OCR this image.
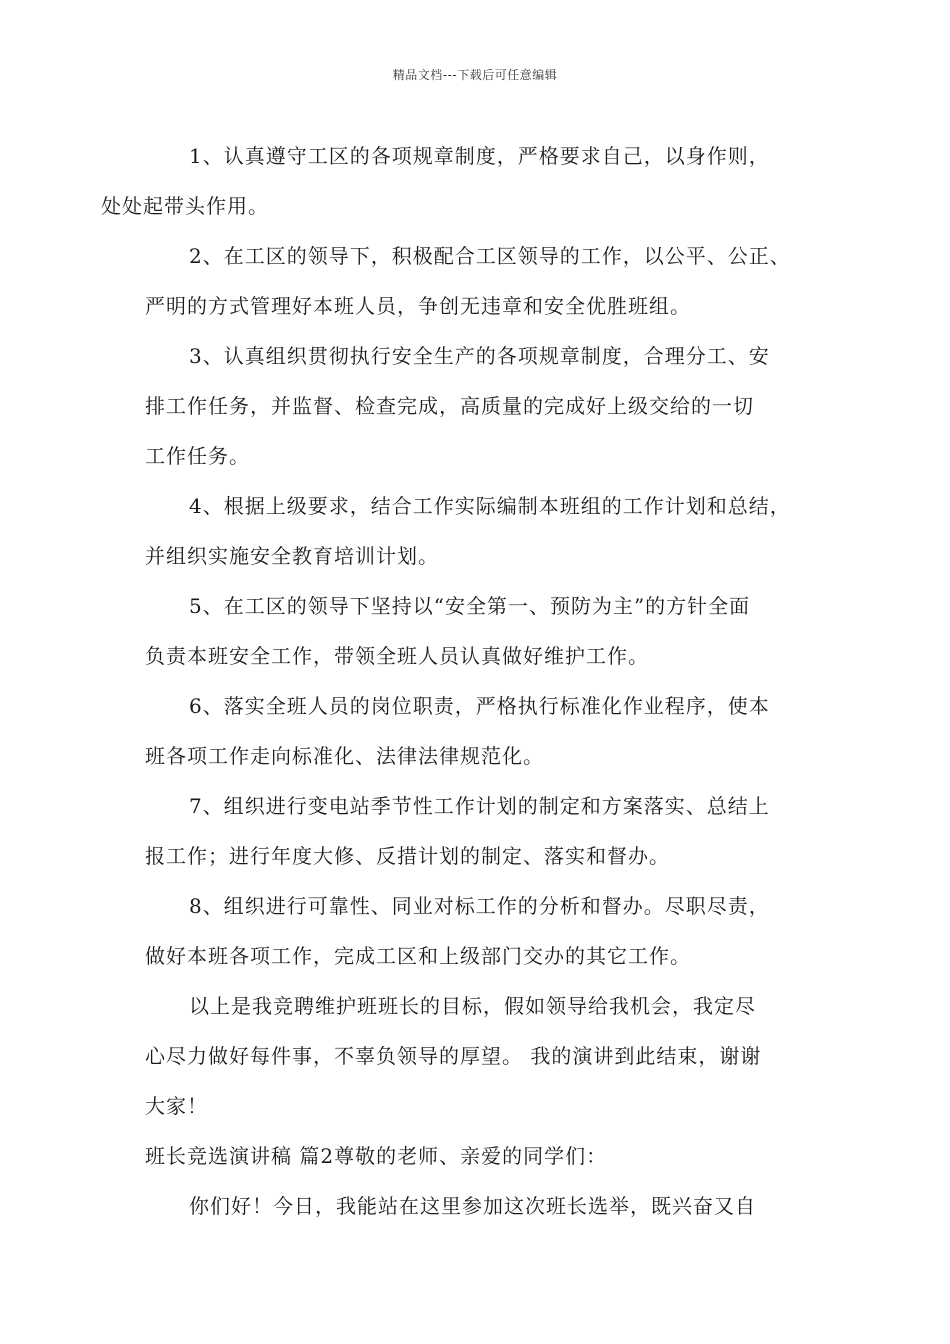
精品文档---下载后可任意编辑

1、认真遵守工区的各项规章制度，严格要求自己，以身作则，
处处起带头作用。

2、在工区的领导下，积极配合工区领导的工作，以公平、公正、
严明的方式管理好本班人员，争创无违章和安全优胜班组。

3、认真组织贯彻执行安全生产的各项规章制度，合理分工、安
排工作任务，并监督、检查完成，高质量的完成好上级交给的一切
工作任务。

4、根据上级要求，结合工作实际编制本班组的工作计划和总结，
并组织实施安全教育培训计划。

5、在工区的领导下坚持以“安全第一、预防为主”的方针全面
负责本班安全工作，带领全班人员认真做好维护工作。

6、落实全班人员的岗位职责，严格执行标准化作业程序，使本
班各项工作走向标准化、法律法律规范化。

7、组织进行变电站季节性工作计划的制定和方案落实、总结上
报工作；进行年度大修、反措计划的制定、落实和督办。

8、组织进行可靠性、同业对标工作的分析和督办。尽职尽责，
做好本班各项工作，完成工区和上级部门交办的其它工作。

以上是我竞聘维护班班长的目标，假如领导给我机会，我定尽
心尽力做好每件事，不辜负领导的厚望。 我的演讲到此结束，谢谢
大家！

班长竞选演讲稿 篇2尊敬的老师、亲爱的同学们：

你们好！今日，我能站在这里参加这次班长选举，既兴奋又自
